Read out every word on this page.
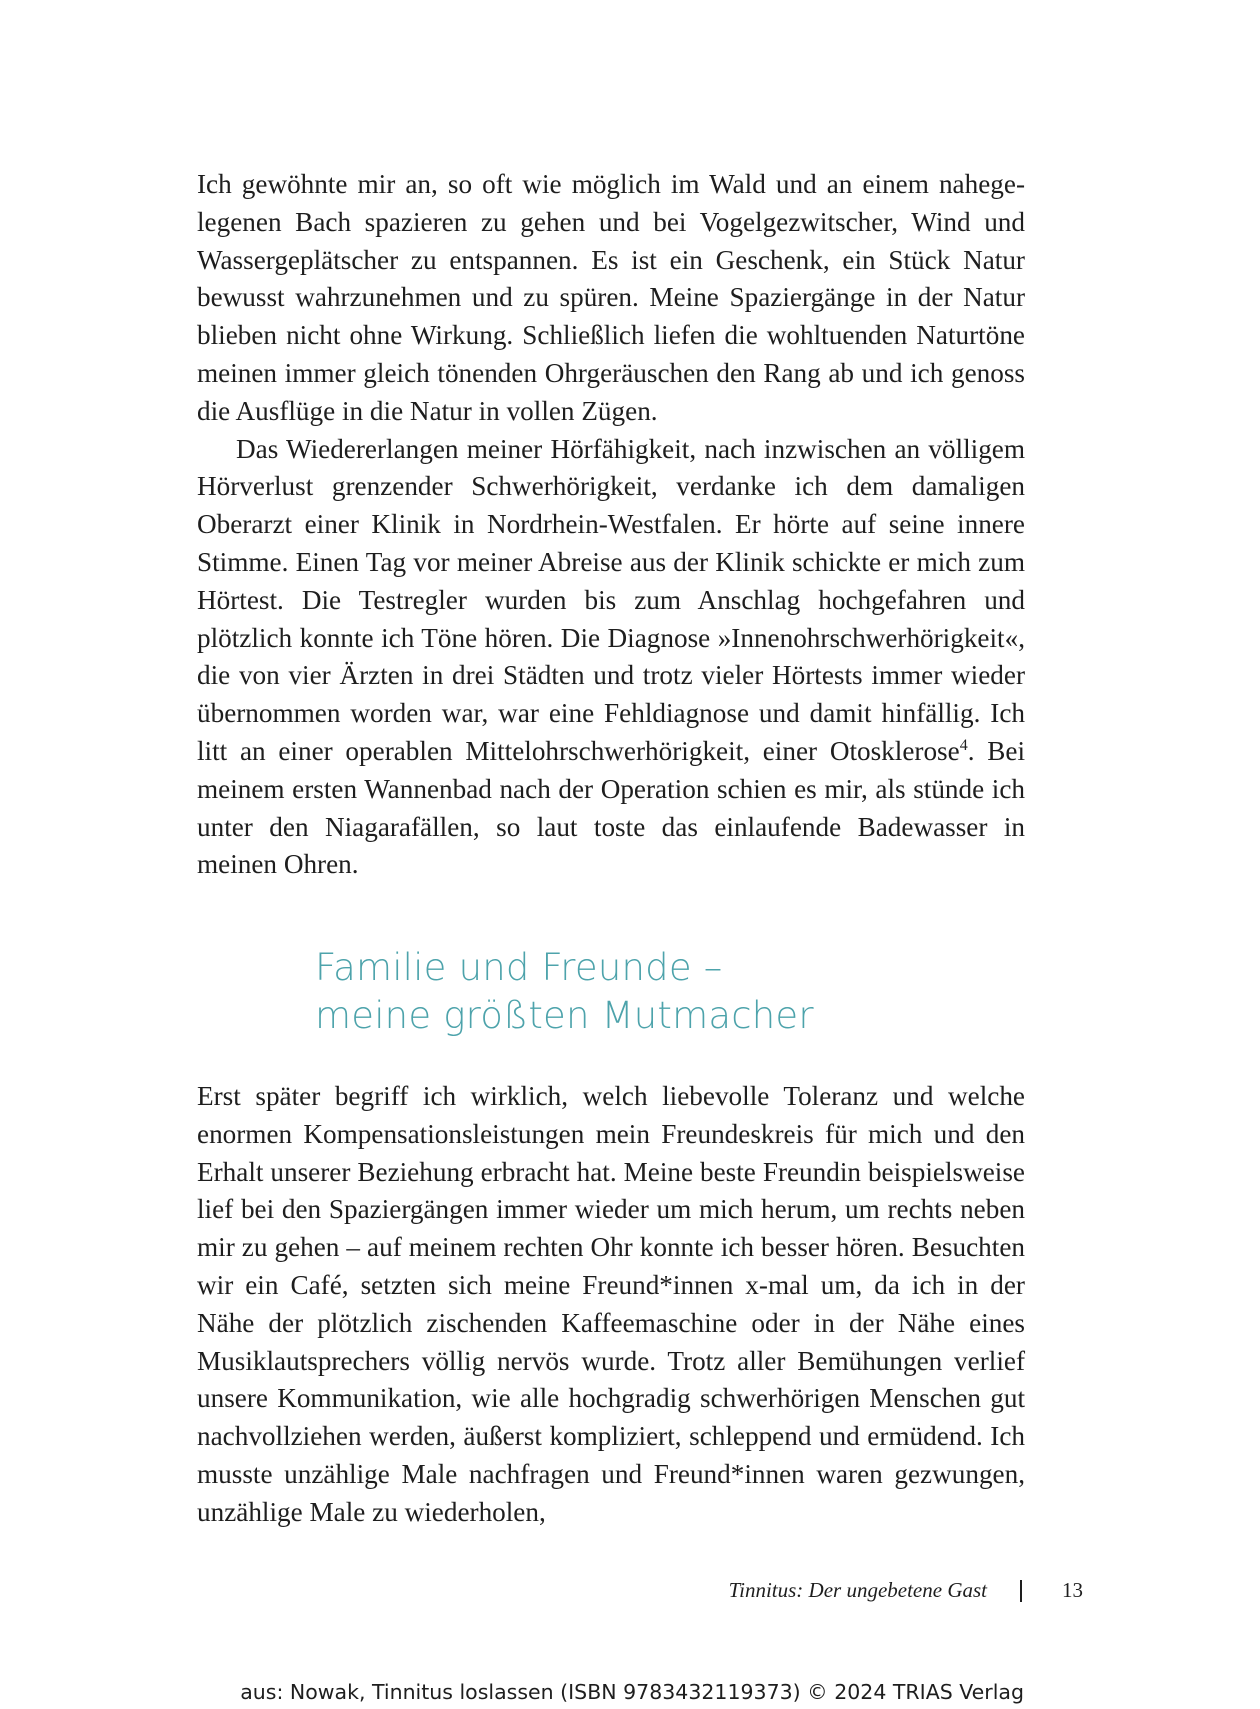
Ich gewöhnte mir an, so oft wie möglich im Wald und an einem nahegelegenen Bach spazieren zu gehen und bei Vogelgezwitscher, Wind und Wassergeplätscher zu entspannen. Es ist ein Geschenk, ein Stück Natur bewusst wahrzunehmen und zu spüren. Meine Spaziergänge in der Natur blieben nicht ohne Wirkung. Schließlich liefen die wohltuenden Naturtöne meinen immer gleich tönenden Ohrgeräuschen den Rang ab und ich genoss die Ausflüge in die Natur in vollen Zügen.

Das Wiedererlangen meiner Hörfähigkeit, nach inzwischen an völligem Hörverlust grenzender Schwerhörigkeit, verdanke ich dem damaligen Oberarzt einer Klinik in Nordrhein-Westfalen. Er hörte auf seine innere Stimme. Einen Tag vor meiner Abreise aus der Klinik schickte er mich zum Hörtest. Die Testregler wurden bis zum Anschlag hochgefahren und plötzlich konnte ich Töne hören. Die Diagnose »Innenohrschwerhörigkeit«, die von vier Ärzten in drei Städten und trotz vieler Hörtests immer wieder übernommen worden war, war eine Fehldiagnose und damit hinfällig. Ich litt an einer operablen Mittelohrschwerhörigkeit, einer Otosklerose$^4$. Bei meinem ersten Wannenbad nach der Operation schien es mir, als stünde ich unter den Niagarafällen, so laut toste das einlaufende Badewasser in meinen Ohren.

Familie und Freunde –
meine größten Mutmacher

Erst später begriff ich wirklich, welch liebevolle Toleranz und welche enormen Kompensationsleistungen mein Freundeskreis für mich und den Erhalt unserer Beziehung erbracht hat. Meine beste Freundin beispielsweise lief bei den Spaziergängen immer wieder um mich herum, um rechts neben mir zu gehen – auf meinem rechten Ohr konnte ich besser hören. Besuchten wir ein Café, setzten sich meine Freund*innen x-mal um, da ich in der Nähe der plötzlich zischenden Kaffeemaschine oder in der Nähe eines Musiklautsprechers völlig nervös wurde. Trotz aller Bemühungen verlief unsere Kommunikation, wie alle hochgradig schwerhörigen Menschen gut nachvollziehen werden, äußerst kompliziert, schleppend und ermüdend. Ich musste unzählige Male nachfragen und Freund*innen waren gezwungen, unzählige Male zu wiederholen,

Tinnitus: Der ungebetene Gast	13
aus: Nowak, Tinnitus loslassen (ISBN 9783432119373) © 2024 TRIAS Verlag
